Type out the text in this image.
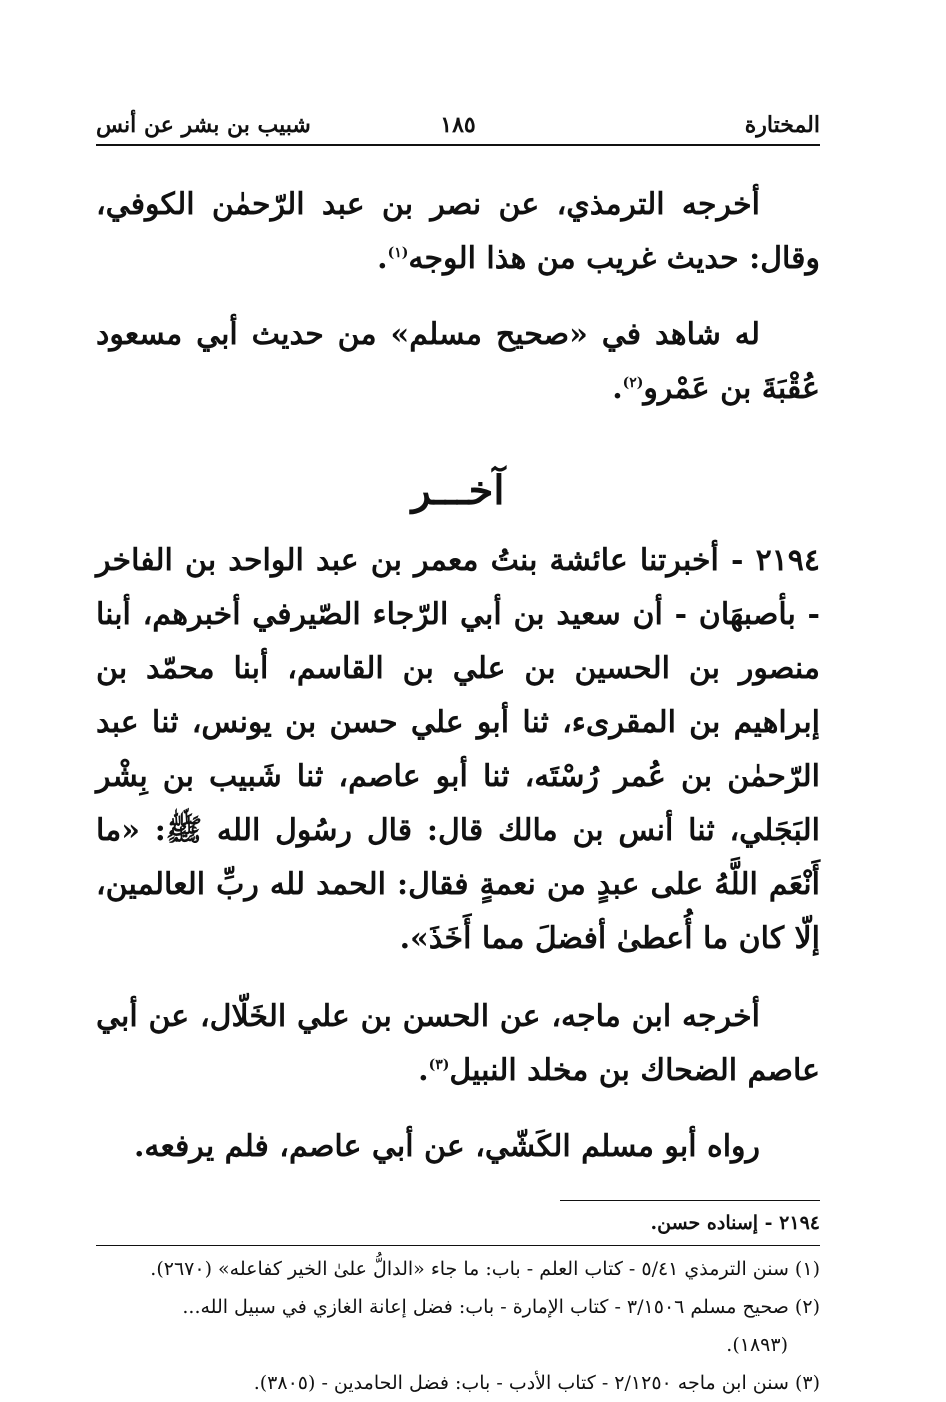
المختارة
١٨٥
شبيب بن بشر عن أنس

أخرجه الترمذي، عن نصر بن عبد الرّحمٰن الكوفي، وقال: حديث غريب من هذا الوجه$^{(١)}$.

له شاهد في «صحيح مسلم» من حديث أبي مسعود عُقْبَةَ بن عَمْرو$^{(٢)}$.

آخـــر

٢١٩٤ - أخبرتنا عائشة بنتُ معمر بن عبد الواحد بن الفاخر - بأصبهَان - أن سعيد بن أبي الرّجاء الصّيرفي أخبرهم، أبنا منصور بن الحسين بن علي بن القاسم، أبنا محمّد بن إبراهيم بن المقرىء، ثنا أبو علي حسن بن يونس، ثنا عبد الرّحمٰن بن عُمر رُسْتَه، ثنا أبو عاصم، ثنا شَبيب بن بِشْر البَجَلي، ثنا أنس بن مالك قال: قال رسُول الله ﷺ: «ما أَنْعَم اللَّهُ على عبدٍ من نعمةٍ فقال: الحمد لله ربِّ العالمين، إلّا كان ما أُعطىٰ أفضلَ مما أَخَذَ».

أخرجه ابن ماجه، عن الحسن بن علي الخَلّال، عن أبي عاصم الضحاك بن مخلد النبيل$^{(٣)}$.

رواه أبو مسلم الكَشّي، عن أبي عاصم، فلم يرفعه.

٢١٩٤ - إسناده حسن.

(١) سنن الترمذي ٥/٤١ - كتاب العلم - باب: ما جاء «الدالُّ علىٰ الخير كفاعله» (٢٦٧٠).

(٢) صحيح مسلم ٣/١٥٠٦ - كتاب الإمارة - باب: فضل إعانة الغازي في سبيل الله...

(١٨٩٣).

(٣) سنن ابن ماجه ٢/١٢٥٠ - كتاب الأدب - باب: فضل الحامدين - (٣٨٠٥).
